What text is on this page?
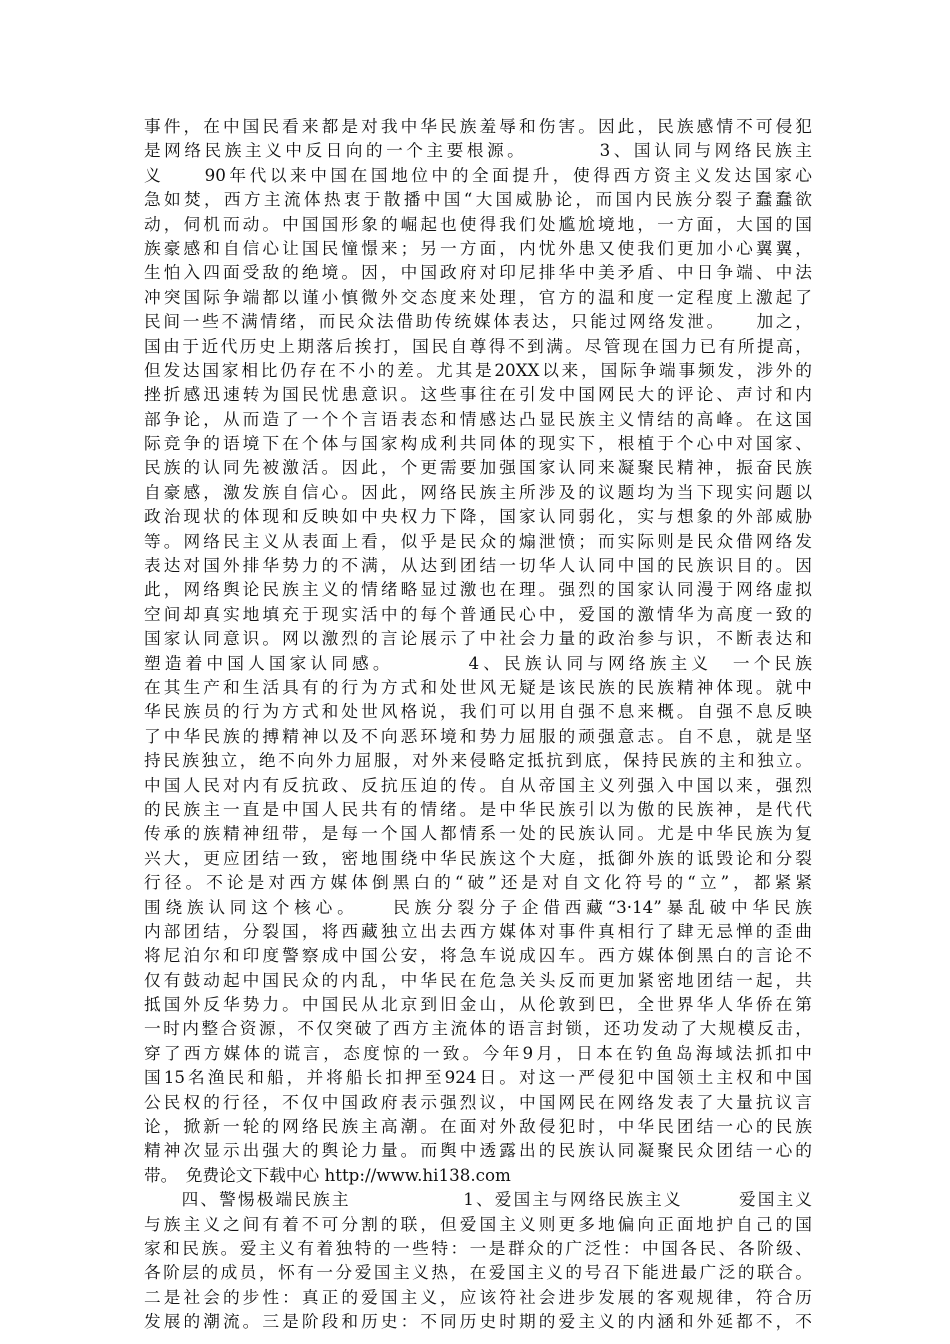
事件，在中国民看来都是对我中华民族羞辱和伤害。因此，民族感情不可侵犯
是网络民族主义中反日向的一个主要根源。　　　　3、国认同与网络民族主
义　　90年代以来中国在国地位中的全面提升，使得西方资主义发达国家心
急如焚，西方主流体热衷于散播中国“大国威胁论，而国内民族分裂子蠢蠢欲
动，伺机而动。中国国形象的崛起也使得我们处尴尬境地，一方面，大国的国
族豪感和自信心让国民憧憬来；另一方面，内忧外患又使我们更加小心翼翼，
生怕入四面受敌的绝境。因，中国政府对印尼排华中美矛盾、中日争端、中法
冲突国际争端都以谨小慎微外交态度来处理，官方的温和度一定程度上激起了
民间一些不满情绪，而民众法借助传统媒体表达，只能过网络发泄。　　加之，
国由于近代历史上期落后挨打，国民自尊得不到满。尽管现在国力已有所提高，
但发达国家相比仍存在不小的差。尤其是20XX以来，国际争端事频发，涉外的
挫折感迅速转为国民忧患意识。这些事往在引发中国网民大的评论、声讨和内
部争论，从而造了一个个言语表态和情感达凸显民族主义情结的高峰。在这国
际竞争的语境下在个体与国家构成利共同体的现实下，根植于个心中对国家、
民族的认同先被激活。因此，个更需要加强国家认同来凝聚民精神，振奋民族
自豪感，激发族自信心。因此，网络民族主所涉及的议题均为当下现实问题以
政治现状的体现和反映如中央权力下降，国家认同弱化，实与想象的外部威胁
等。网络民主义从表面上看，似乎是民众的煽泄愤；而实际则是民众借网络发
表达对国外排华势力的不满，从达到团结一切华人认同中国的民族识目的。因
此，网络舆论民族主义的情绪略显过激也在理。强烈的国家认同漫于网络虚拟
空间却真实地填充于现实活中的每个普通民心中，爱国的激情华为高度一致的
国家认同意识。网以激烈的言论展示了中社会力量的政治参与识，不断表达和
塑造着中国人国家认同感。　　　　4、民族认同与网络族主义　一个民族
在其生产和生活具有的行为方式和处世风无疑是该民族的民族精神体现。就中
华民族员的行为方式和处世风格说，我们可以用自强不息来概。自强不息反映
了中华民族的搏精神以及不向恶环境和势力屈服的顽强意志。自不息，就是坚
持民族独立，绝不向外力屈服，对外来侵略定抵抗到底，保持民族的主和独立。
中国人民对内有反抗政、反抗压迫的传。自从帝国主义列强入中国以来，强烈
的民族主一直是中国人民共有的情绪。是中华民族引以为傲的民族神，是代代
传承的族精神纽带，是每一个国人都情系一处的民族认同。尤是中华民族为复
兴大，更应团结一致，密地围绕中华民族这个大庭，抵御外族的诋毁论和分裂
行径。不论是对西方媒体倒黑白的“破”还是对自文化符号的“立”，都紧紧
围绕族认同这个核心。　　民族分裂分子企借西藏“3·14”暴乱破中华民族
内部团结，分裂国，将西藏独立出去西方媒体对事件真相行了肆无忌惮的歪曲
将尼泊尔和印度警察成中国公安，将急车说成囚车。西方媒体倒黑白的言论不
仅有鼓动起中国民众的内乱，中华民在危急关头反而更加紧密地团结一起，共
抵国外反华势力。中国民从北京到旧金山，从伦敦到巴，全世界华人华侨在第
一时内整合资源，不仅突破了西方主流体的语言封锁，还功发动了大规模反击，
穿了西方媒体的谎言，态度惊的一致。今年9月，日本在钓鱼岛海域法抓扣中
国15名渔民和船，并将船长扣押至924日。对这一严侵犯中国领土主权和中国
公民权的行径，不仅中国政府表示强烈议，中国网民在网络发表了大量抗议言
论，掀新一轮的网络民族主高潮。在面对外敌侵犯时，中华民团结一心的民族
精神次显示出强大的舆论力量。而舆中透露出的民族认同凝聚民众团结一心的
带。　免费论文下载中心 http://www.hi138.com
　　四、警惕极端民族主　　　　　　1、爱国主与网络民族主义　　　爱国主义
与族主义之间有着不可分割的联，但爱国主义则更多地偏向正面地护自己的国
家和民族。爱主义有着独特的一些特：一是群众的广泛性：中国各民、各阶级、
各阶层的成员，怀有一分爱国主义热，在爱国主义的号召下能进最广泛的联合。
二是社会的步性：真正的爱国主义，应该符社会进步发展的客观规律，符合历
发展的潮流。三是阶段和历史：不同历史时期的爱主义的内涵和外延都不，不
